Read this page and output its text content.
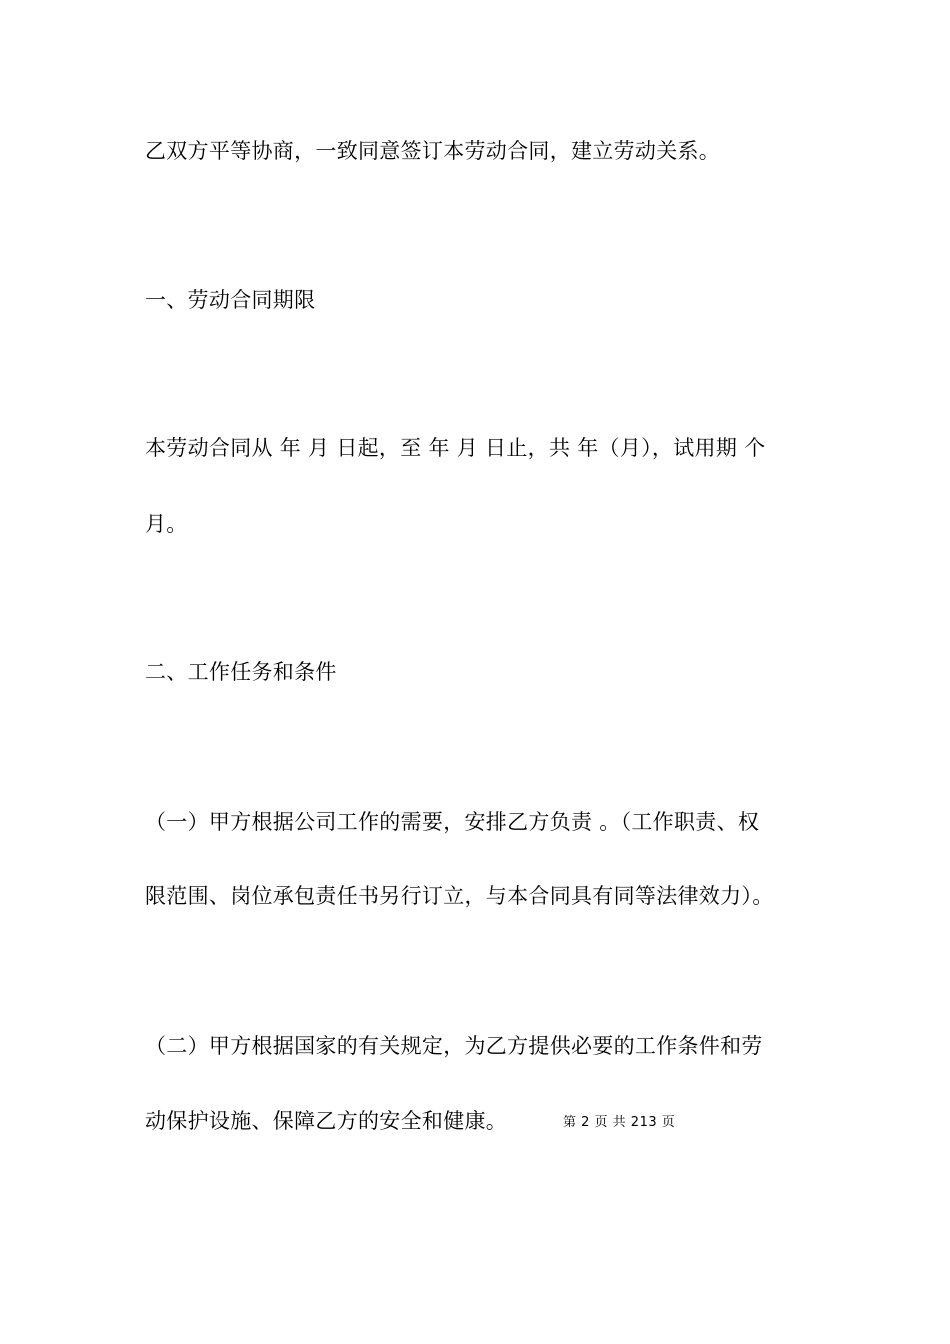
乙双方平等协商，一致同意签订本劳动合同，建立劳动关系。
一、劳动合同期限
本劳动合同从 年 月 日起，至 年 月 日止，共 年（月），试用期 个
月。
二、工作任务和条件
（一）甲方根据公司工作的需要，安排乙方负责 。（工作职责、权
限范围、岗位承包责任书另行订立，与本合同具有同等法律效力）。
（二）甲方根据国家的有关规定，为乙方提供必要的工作条件和劳
动保护设施、保障乙方的安全和健康。	第 2 页 共 213 页
